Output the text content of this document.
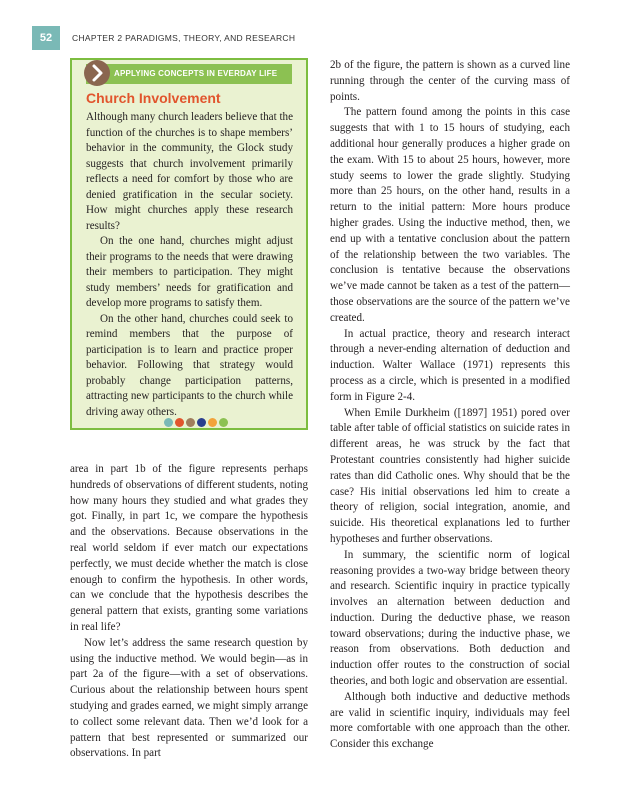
52	CHAPTER 2 PARADIGMS, THEORY, AND RESEARCH
APPLYING CONCEPTS IN EVERDAY LIFE
Church Involvement

Although many church leaders believe that the function of the churches is to shape members’ behavior in the community, the Glock study suggests that church involvement primarily reflects a need for comfort by those who are denied gratification in the secular society. How might churches apply these research results?

On the one hand, churches might adjust their programs to the needs that were drawing their members to participation. They might study members’ needs for gratification and develop more programs to satisfy them.

On the other hand, churches could seek to remind members that the purpose of participation is to learn and practice proper behavior. Following that strategy would probably change participation patterns, attracting new participants to the church while driving away others.

area in part 1b of the figure represents perhaps hundreds of observations of different students, noting how many hours they studied and what grades they got. Finally, in part 1c, we compare the hypothesis and the observations. Because observations in the real world seldom if ever match our expectations perfectly, we must decide whether the match is close enough to confirm the hypothesis. In other words, can we conclude that the hypothesis describes the general pattern that exists, granting some variations in real life?

Now let’s address the same research question by using the inductive method. We would begin—as in part 2a of the figure—with a set of observations. Curious about the relationship between hours spent studying and grades earned, we might simply arrange to collect some relevant data. Then we’d look for a pattern that best represented or summarized our observations. In part

2b of the figure, the pattern is shown as a curved line running through the center of the curving mass of points.

The pattern found among the points in this case suggests that with 1 to 15 hours of studying, each additional hour generally produces a higher grade on the exam. With 15 to about 25 hours, however, more study seems to lower the grade slightly. Studying more than 25 hours, on the other hand, results in a return to the initial pattern: More hours produce higher grades. Using the inductive method, then, we end up with a tentative conclusion about the pattern of the relationship between the two variables. The conclusion is tentative because the observations we’ve made cannot be taken as a test of the pattern—those observations are the source of the pattern we’ve created.

In actual practice, theory and research interact through a never-ending alternation of deduction and induction. Walter Wallace (1971) represents this process as a circle, which is presented in a modified form in Figure 2-4.

When Emile Durkheim ([1897] 1951) pored over table after table of official statistics on suicide rates in different areas, he was struck by the fact that Protestant countries consistently had higher suicide rates than did Catholic ones. Why should that be the case? His initial observations led him to create a theory of religion, social integration, anomie, and suicide. His theoretical explanations led to further hypotheses and further observations.

In summary, the scientific norm of logical reasoning provides a two-way bridge between theory and research. Scientific inquiry in practice typically involves an alternation between deduction and induction. During the deductive phase, we reason toward observations; during the inductive phase, we reason from observations. Both deduction and induction offer routes to the construction of social theories, and both logic and observation are essential.

Although both inductive and deductive methods are valid in scientific inquiry, individuals may feel more comfortable with one approach than the other. Consider this exchange
